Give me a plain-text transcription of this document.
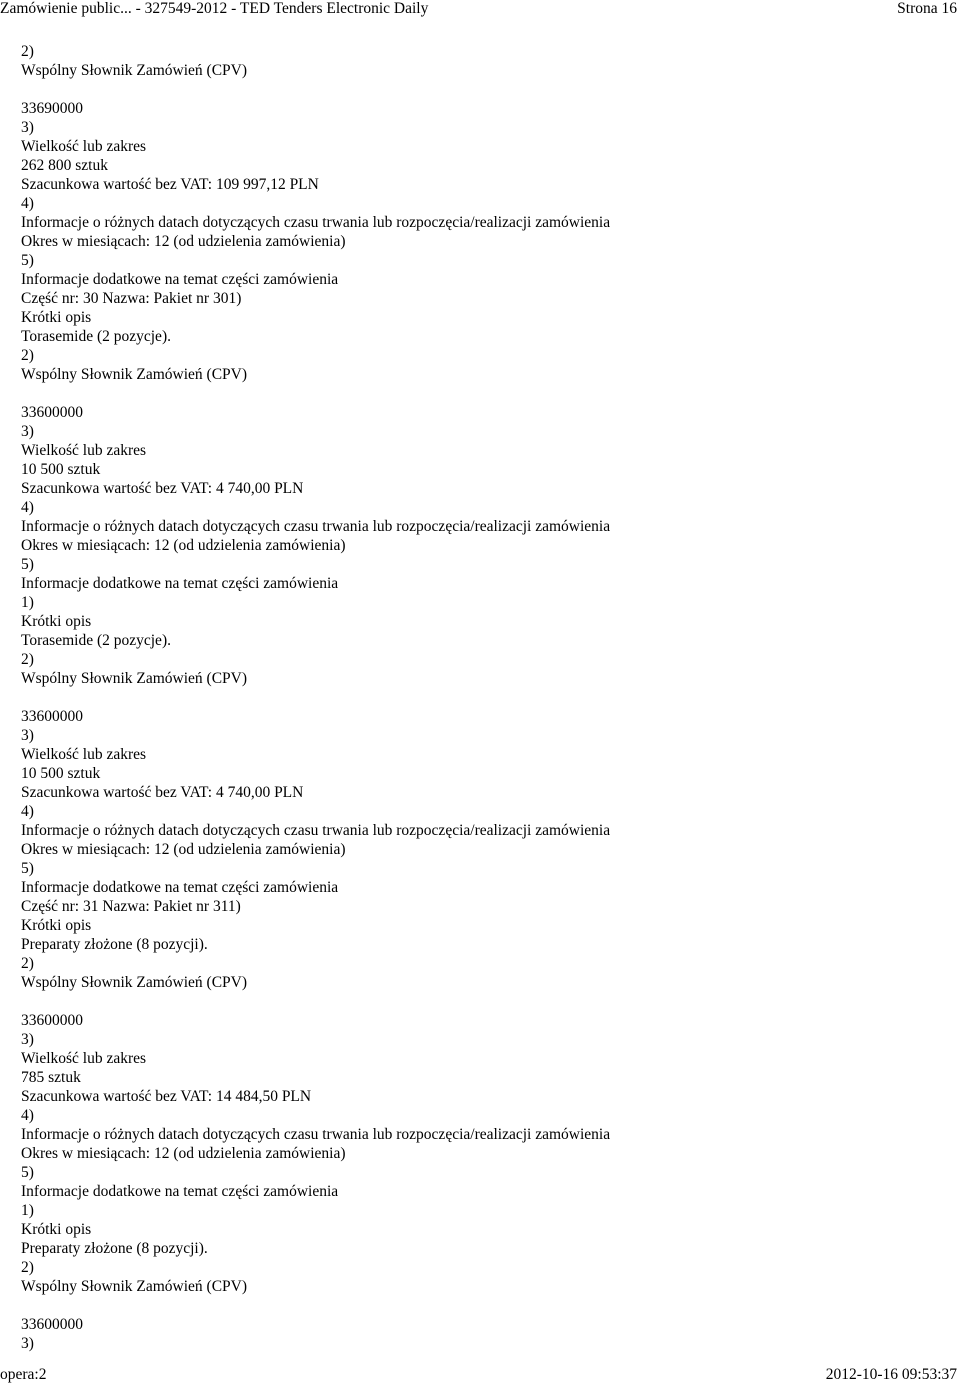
Zamówienie public... - 327549-2012 - TED Tenders Electronic Daily	Strona 16
2)
Wspólny Słownik Zamówień (CPV)
33690000
3)
Wielkość lub zakres
262 800 sztuk
Szacunkowa wartość bez VAT: 109 997,12 PLN
4)
Informacje o różnych datach dotyczących czasu trwania lub rozpoczęcia/realizacji zamówienia
Okres w miesiącach: 12 (od udzielenia zamówienia)
5)
Informacje dodatkowe na temat części zamówienia
Część nr: 30 Nazwa: Pakiet nr 301)
Krótki opis
Torasemide (2 pozycje).
2)
Wspólny Słownik Zamówień (CPV)
33600000
3)
Wielkość lub zakres
10 500 sztuk
Szacunkowa wartość bez VAT: 4 740,00 PLN
4)
Informacje o różnych datach dotyczących czasu trwania lub rozpoczęcia/realizacji zamówienia
Okres w miesiącach: 12 (od udzielenia zamówienia)
5)
Informacje dodatkowe na temat części zamówienia
1)
Krótki opis
Torasemide (2 pozycje).
2)
Wspólny Słownik Zamówień (CPV)
33600000
3)
Wielkość lub zakres
10 500 sztuk
Szacunkowa wartość bez VAT: 4 740,00 PLN
4)
Informacje o różnych datach dotyczących czasu trwania lub rozpoczęcia/realizacji zamówienia
Okres w miesiącach: 12 (od udzielenia zamówienia)
5)
Informacje dodatkowe na temat części zamówienia
Część nr: 31 Nazwa: Pakiet nr 311)
Krótki opis
Preparaty złożone (8 pozycji).
2)
Wspólny Słownik Zamówień (CPV)
33600000
3)
Wielkość lub zakres
785 sztuk
Szacunkowa wartość bez VAT: 14 484,50 PLN
4)
Informacje o różnych datach dotyczących czasu trwania lub rozpoczęcia/realizacji zamówienia
Okres w miesiącach: 12 (od udzielenia zamówienia)
5)
Informacje dodatkowe na temat części zamówienia
1)
Krótki opis
Preparaty złożone (8 pozycji).
2)
Wspólny Słownik Zamówień (CPV)
33600000
3)
opera:2	2012-10-16 09:53:37
